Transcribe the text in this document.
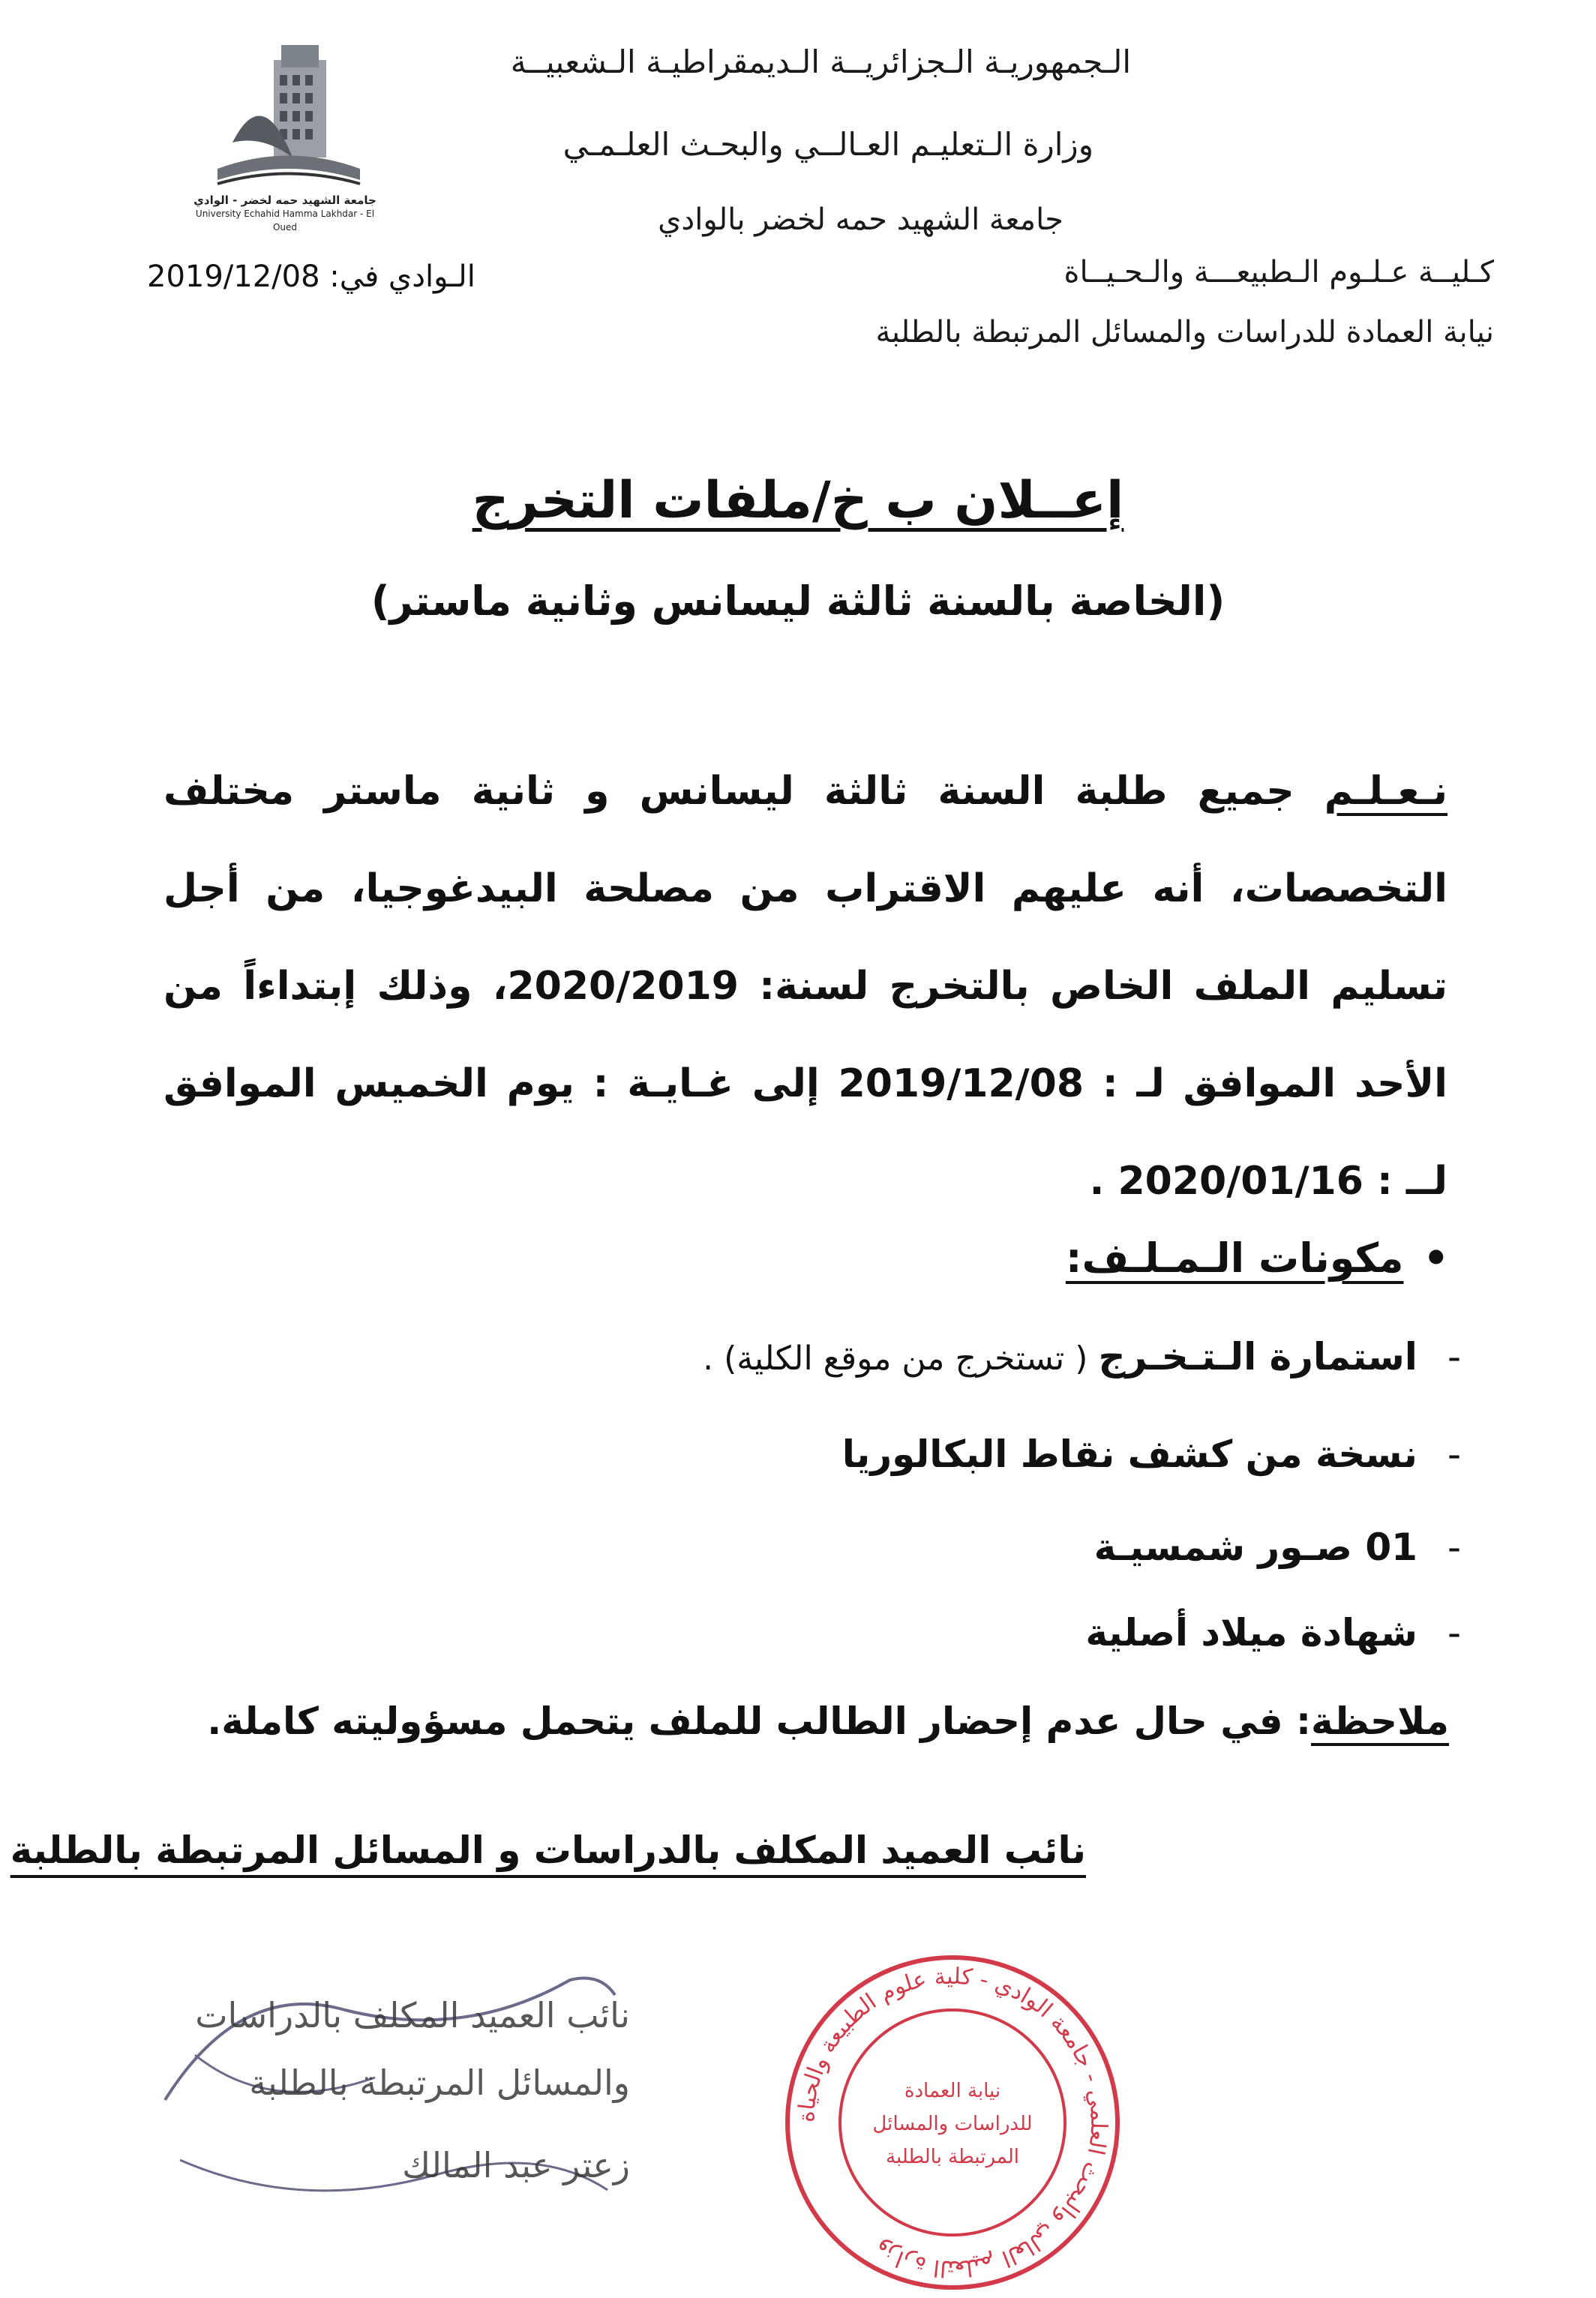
الـجمهوريـة الـجزائريــة الـديمقراطيـة الـشعبيــة
وزارة الـتعليـم العـالــي والبحـث العلـمـي
جامعة الشهيد حمه لخضر بالوادي
كـليــة عـلـوم الـطبيعـــة والـحـيــاة
نيابة العمادة للدراسات والمسائل المرتبطة بالطلبة
جامعة الشهيد حمه لخضر - الوادي
University Echahid Hamma Lakhdar - El Oued
الـوادي في: 2019/12/08
إعــلان ب خ/ملفات التخرج
(الخاصة بالسنة ثالثة ليسانس وثانية ماستر)
نـعـلـم جميع طلبة السنة ثالثة ليسانس و ثانية ماستر مختلف التخصصات، أنه عليهم الاقتراب من مصلحة البيدغوجيا، من أجل تسليم الملف الخاص بالتخرج لسنة: 2020/2019، وذلك إبتداءاً من الأحد الموافق لـ : 2019/12/08 إلى غـايـة : يوم الخميس الموافق لــ : 2020/01/16 .
•مكونات الـمـلـف:
-استمارة الـتـخـرج ( تستخرج من موقع الكلية) .
-نسخة من كشف نقاط البكالوريا
-01 صـور شمسيـة
-شهادة ميلاد أصلية
ملاحظة: في حال عدم إحضار الطالب للملف يتحمل مسؤوليته كاملة.
نائب العميد المكلف بالدراسات و المسائل المرتبطة بالطلبة
نائب العميد المكلف بالدراسات
والمسائل المرتبطة بالطلبة
زعتر عبد المالك
وزارة التعليم العالي والبحث العلمي - جامعة الوادي - كلية علوم الطبيعة والحياة
نيابة العمادة
للدراسات والمسائل
المرتبطة بالطلبة
